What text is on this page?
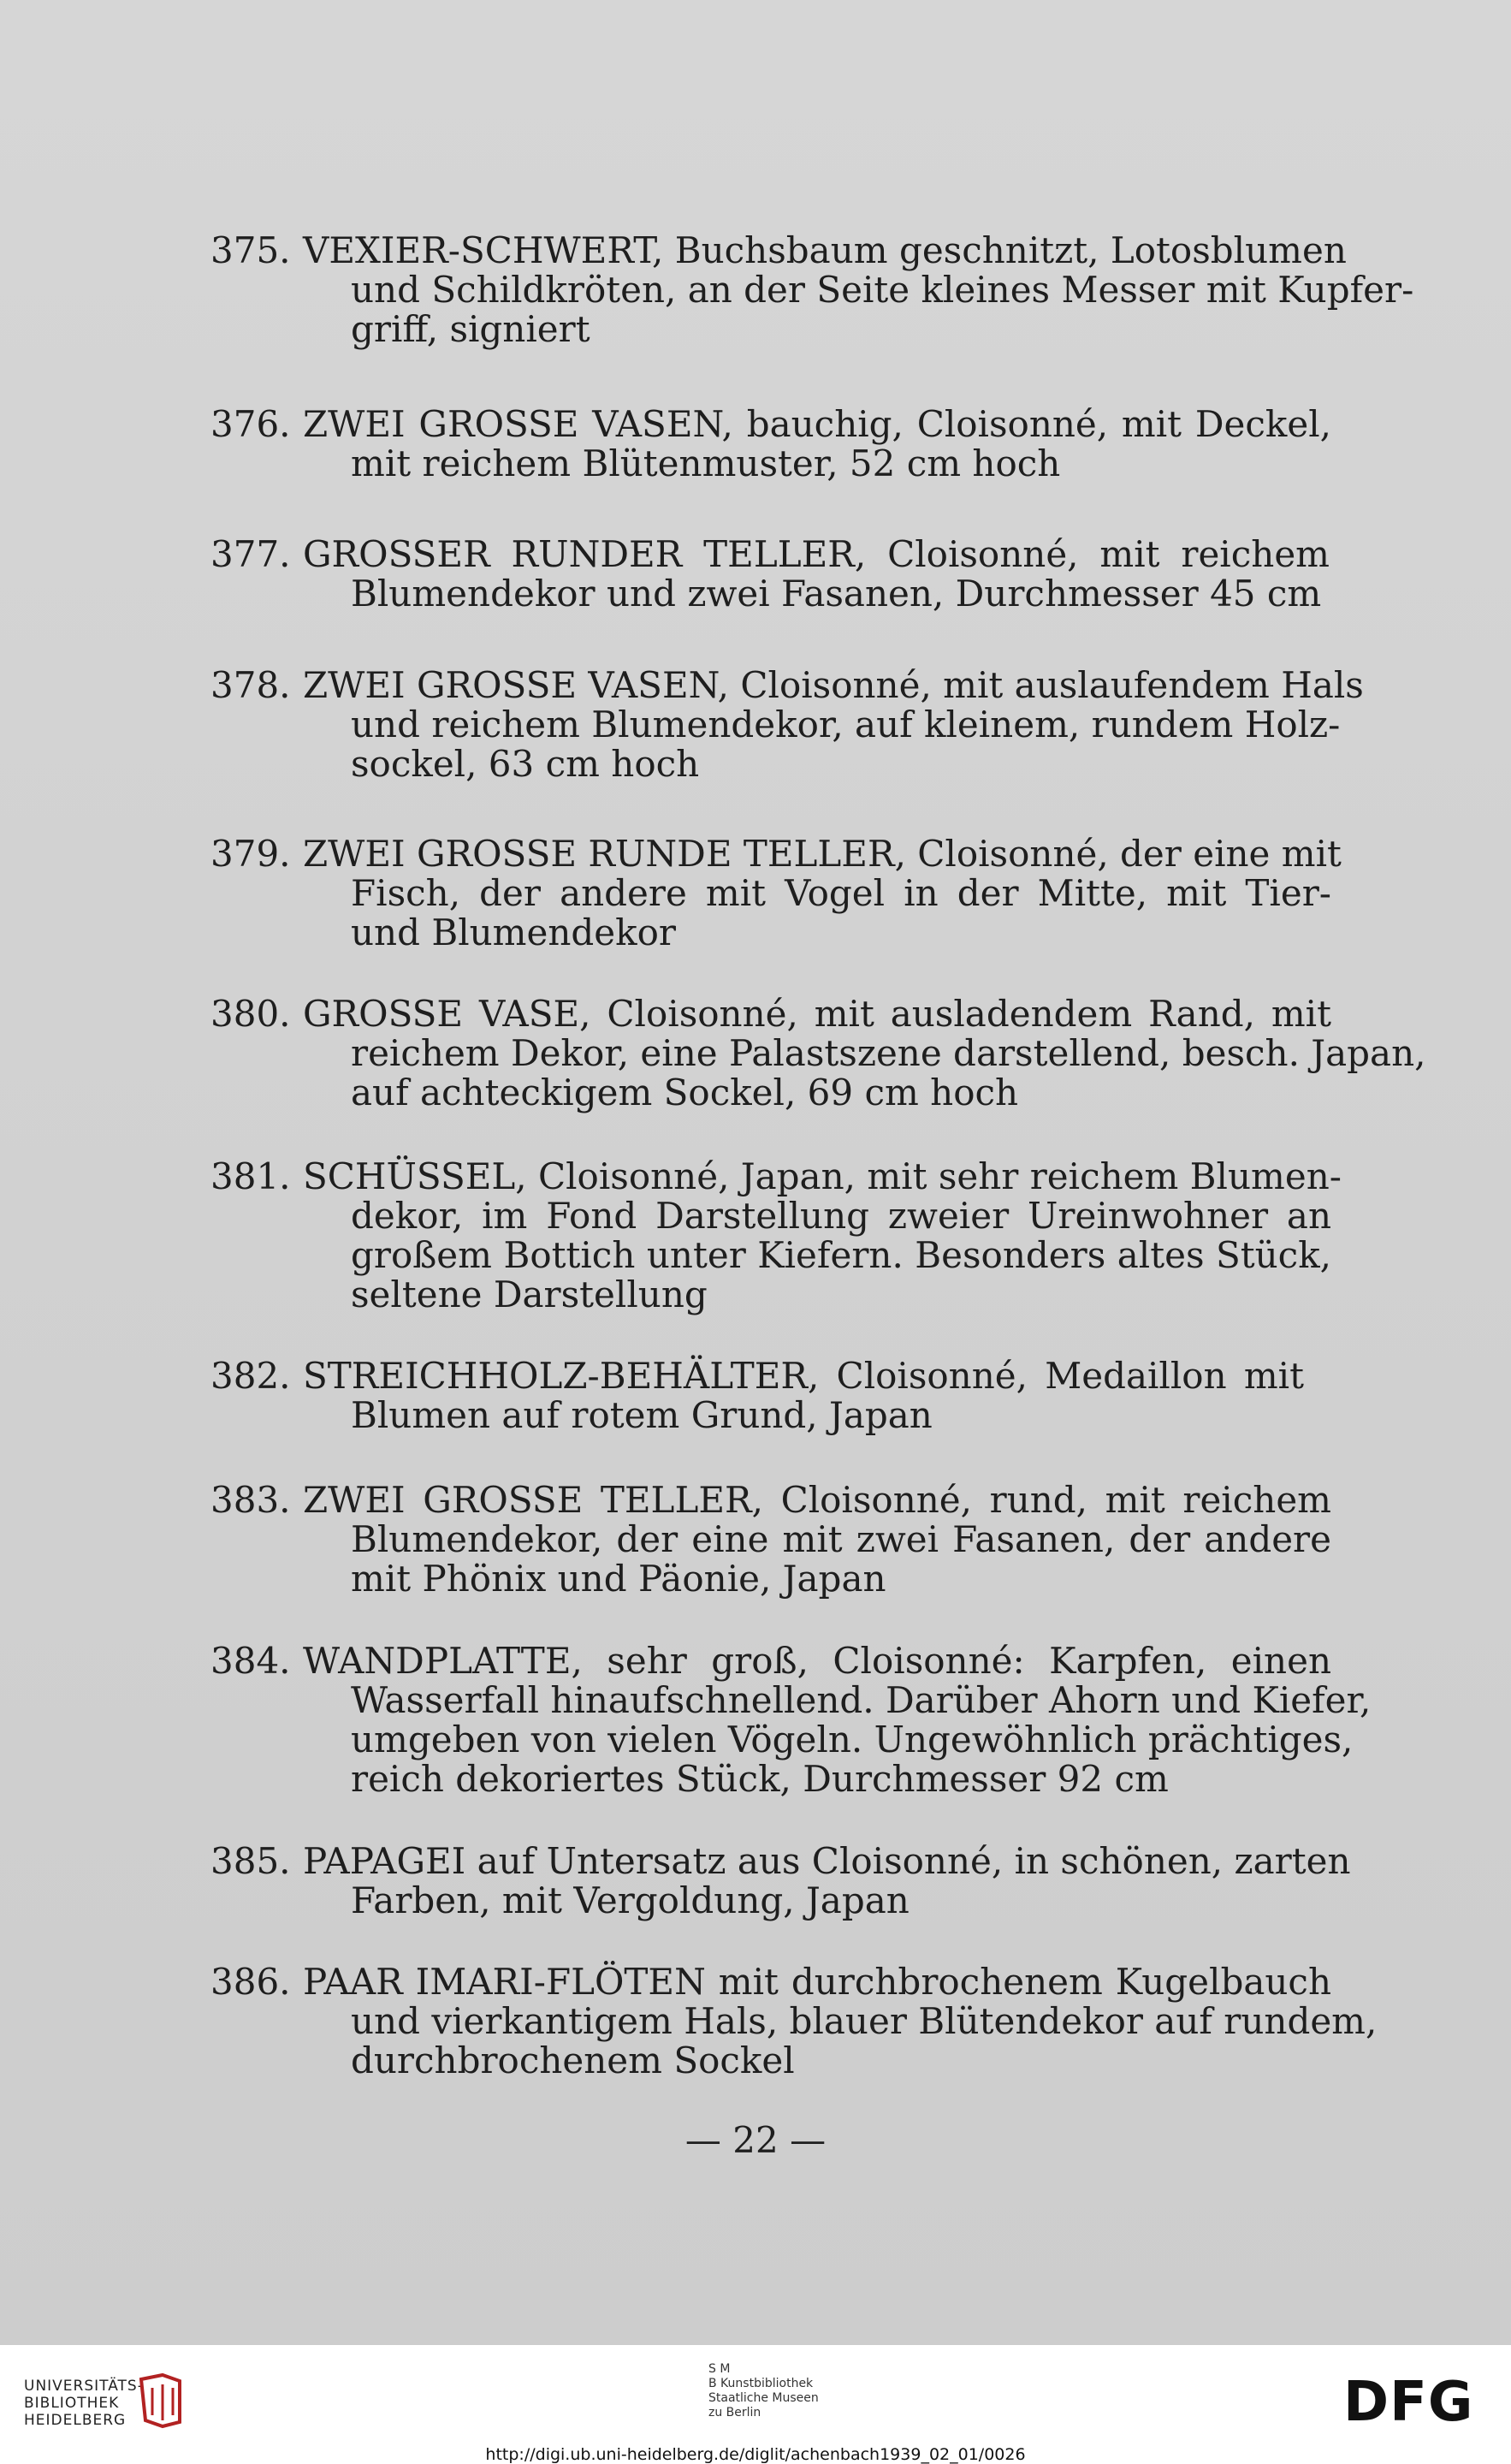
375. VEXIER-SCHWERT, Buchsbaum geschnitzt, Lotosblumen
und Schildkröten, an der Seite kleines Messer mit Kupfer-
griff, signiert
376. ZWEI GROSSE VASEN, bauchig, Cloisonné, mit Deckel,
mit reichem Blütenmuster, 52 cm hoch
377. GROSSER RUNDER TELLER, Cloisonné, mit reichem
Blumendekor und zwei Fasanen, Durchmesser 45 cm
378. ZWEI GROSSE VASEN, Cloisonné, mit auslaufendem Hals
und reichem Blumendekor, auf kleinem, rundem Holz-
sockel, 63 cm hoch
379. ZWEI GROSSE RUNDE TELLER, Cloisonné, der eine mit
Fisch, der andere mit Vogel in der Mitte, mit Tier-
und Blumendekor
380. GROSSE VASE, Cloisonné, mit ausladendem Rand, mit
reichem Dekor, eine Palastszene darstellend, besch. Japan,
auf achteckigem Sockel, 69 cm hoch
381. SCHÜSSEL, Cloisonné, Japan, mit sehr reichem Blumen-
dekor, im Fond Darstellung zweier Ureinwohner an
großem Bottich unter Kiefern. Besonders altes Stück,
seltene Darstellung
382. STREICHHOLZ-BEHÄLTER, Cloisonné, Medaillon mit
Blumen auf rotem Grund, Japan
383. ZWEI GROSSE TELLER, Cloisonné, rund, mit reichem
Blumendekor, der eine mit zwei Fasanen, der andere
mit Phönix und Päonie, Japan
384. WANDPLATTE, sehr groß, Cloisonné: Karpfen, einen
Wasserfall hinaufschnellend. Darüber Ahorn und Kiefer,
umgeben von vielen Vögeln. Ungewöhnlich prächtiges,
reich dekoriertes Stück, Durchmesser 92 cm
385. PAPAGEI auf Untersatz aus Cloisonné, in schönen, zarten
Farben, mit Vergoldung, Japan
386. PAAR IMARI-FLÖTEN mit durchbrochenem Kugelbauch
und vierkantigem Hals, blauer Blütendekor auf rundem,
durchbrochenem Sockel
— 22 —
UNIVERSITÄTS-
BIBLIOTHEK
HEIDELBERG
S M
B Kunstbibliothek
Staatliche Museen
zu Berlin	DFG
http://digi.ub.uni-heidelberg.de/diglit/achenbach1939_02_01/0026
